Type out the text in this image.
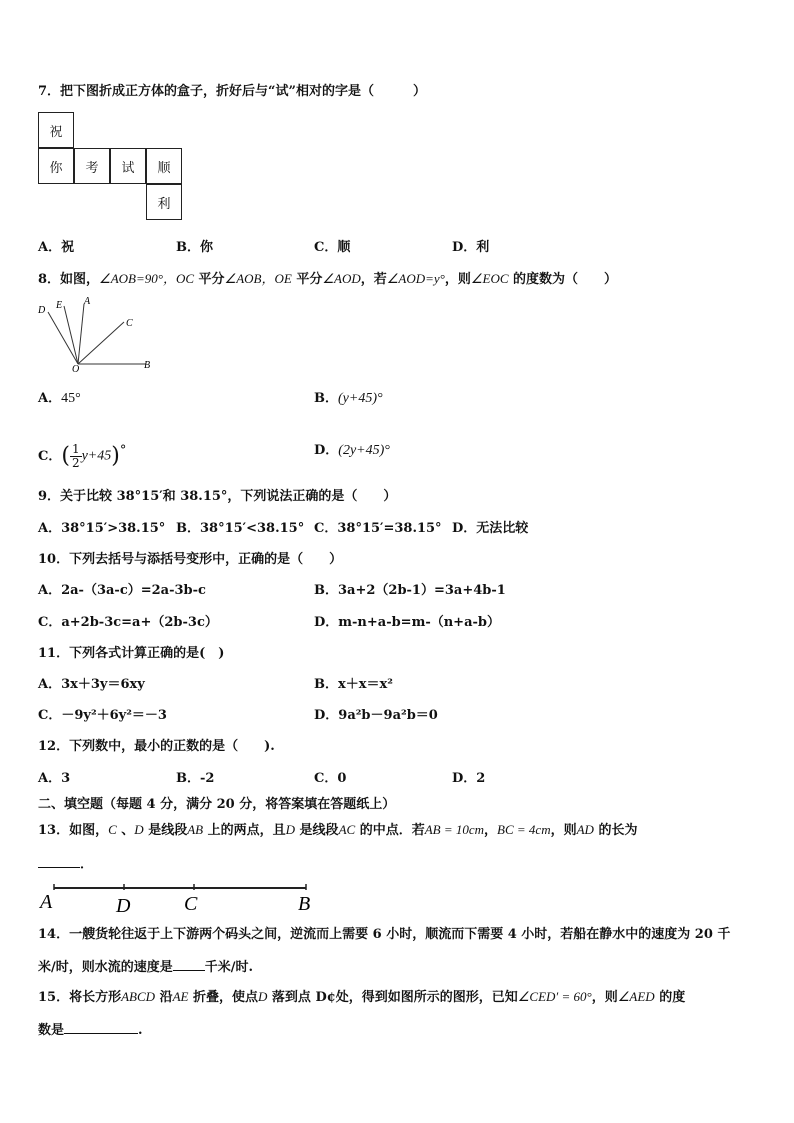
7．把下图折成正方体的盒子，折好后与“试”相对的字是（　　　）
祝
你	考	试	顺
利
A．祝	B．你	C．顺	D．利
8．如图，∠AOB=90°，OC 平分∠AOB，OE 平分∠AOD，若∠AOD=y°，则∠EOC 的度数为（　　）
D E A
C
O	B
A．45°	B．(y+45)°
C．( $\frac{1}{2} y+45)^\circ$	D．(2y+45)°
9．关于比较 38°15′和 38.15°，下列说法正确的是（　　）
A．38°15′>38.15° B．38°15′<38.15° C．38°15′=38.15° D．无法比较
10．下列去括号与添括号变形中，正确的是（　　）
A．2a-（3a-c）=2a-3b-c	B．3a+2（2b-1）=3a+4b-1
C．a+2b-3c=a+（2b-3c）	D．m-n+a-b=m-（n+a-b）
11．下列各式计算正确的是(　)
A．3x＋3y＝6xy	B．x＋x＝x²
C．－9y²＋6y²＝－3	D．9a²b－9a²b＝0
12．下列数中，最小的正数的是（　　).
A．3	B．-2	C．0	D．2
二、填空题（每题 4 分，满分 20 分，将答案填在答题纸上）
13．如图，C 、D 是线段AB 上的两点，且D 是线段AC 的中点．若AB = 10cm，BC = 4cm，则AD 的长为
．
A	D	C	B
14．一艘货轮往返于上下游两个码头之间，逆流而上需要 6 小时，顺流而下需要 4 小时，若船在静水中的速度为 20 千
米/时，则水流的速度是 千米/时.
15．将长方形ABCD 沿AE 折叠，使点D 落到点 D¢处，得到如图所示的图形，已知∠CED′ = 60°，则∠AED 的度
数是	.
